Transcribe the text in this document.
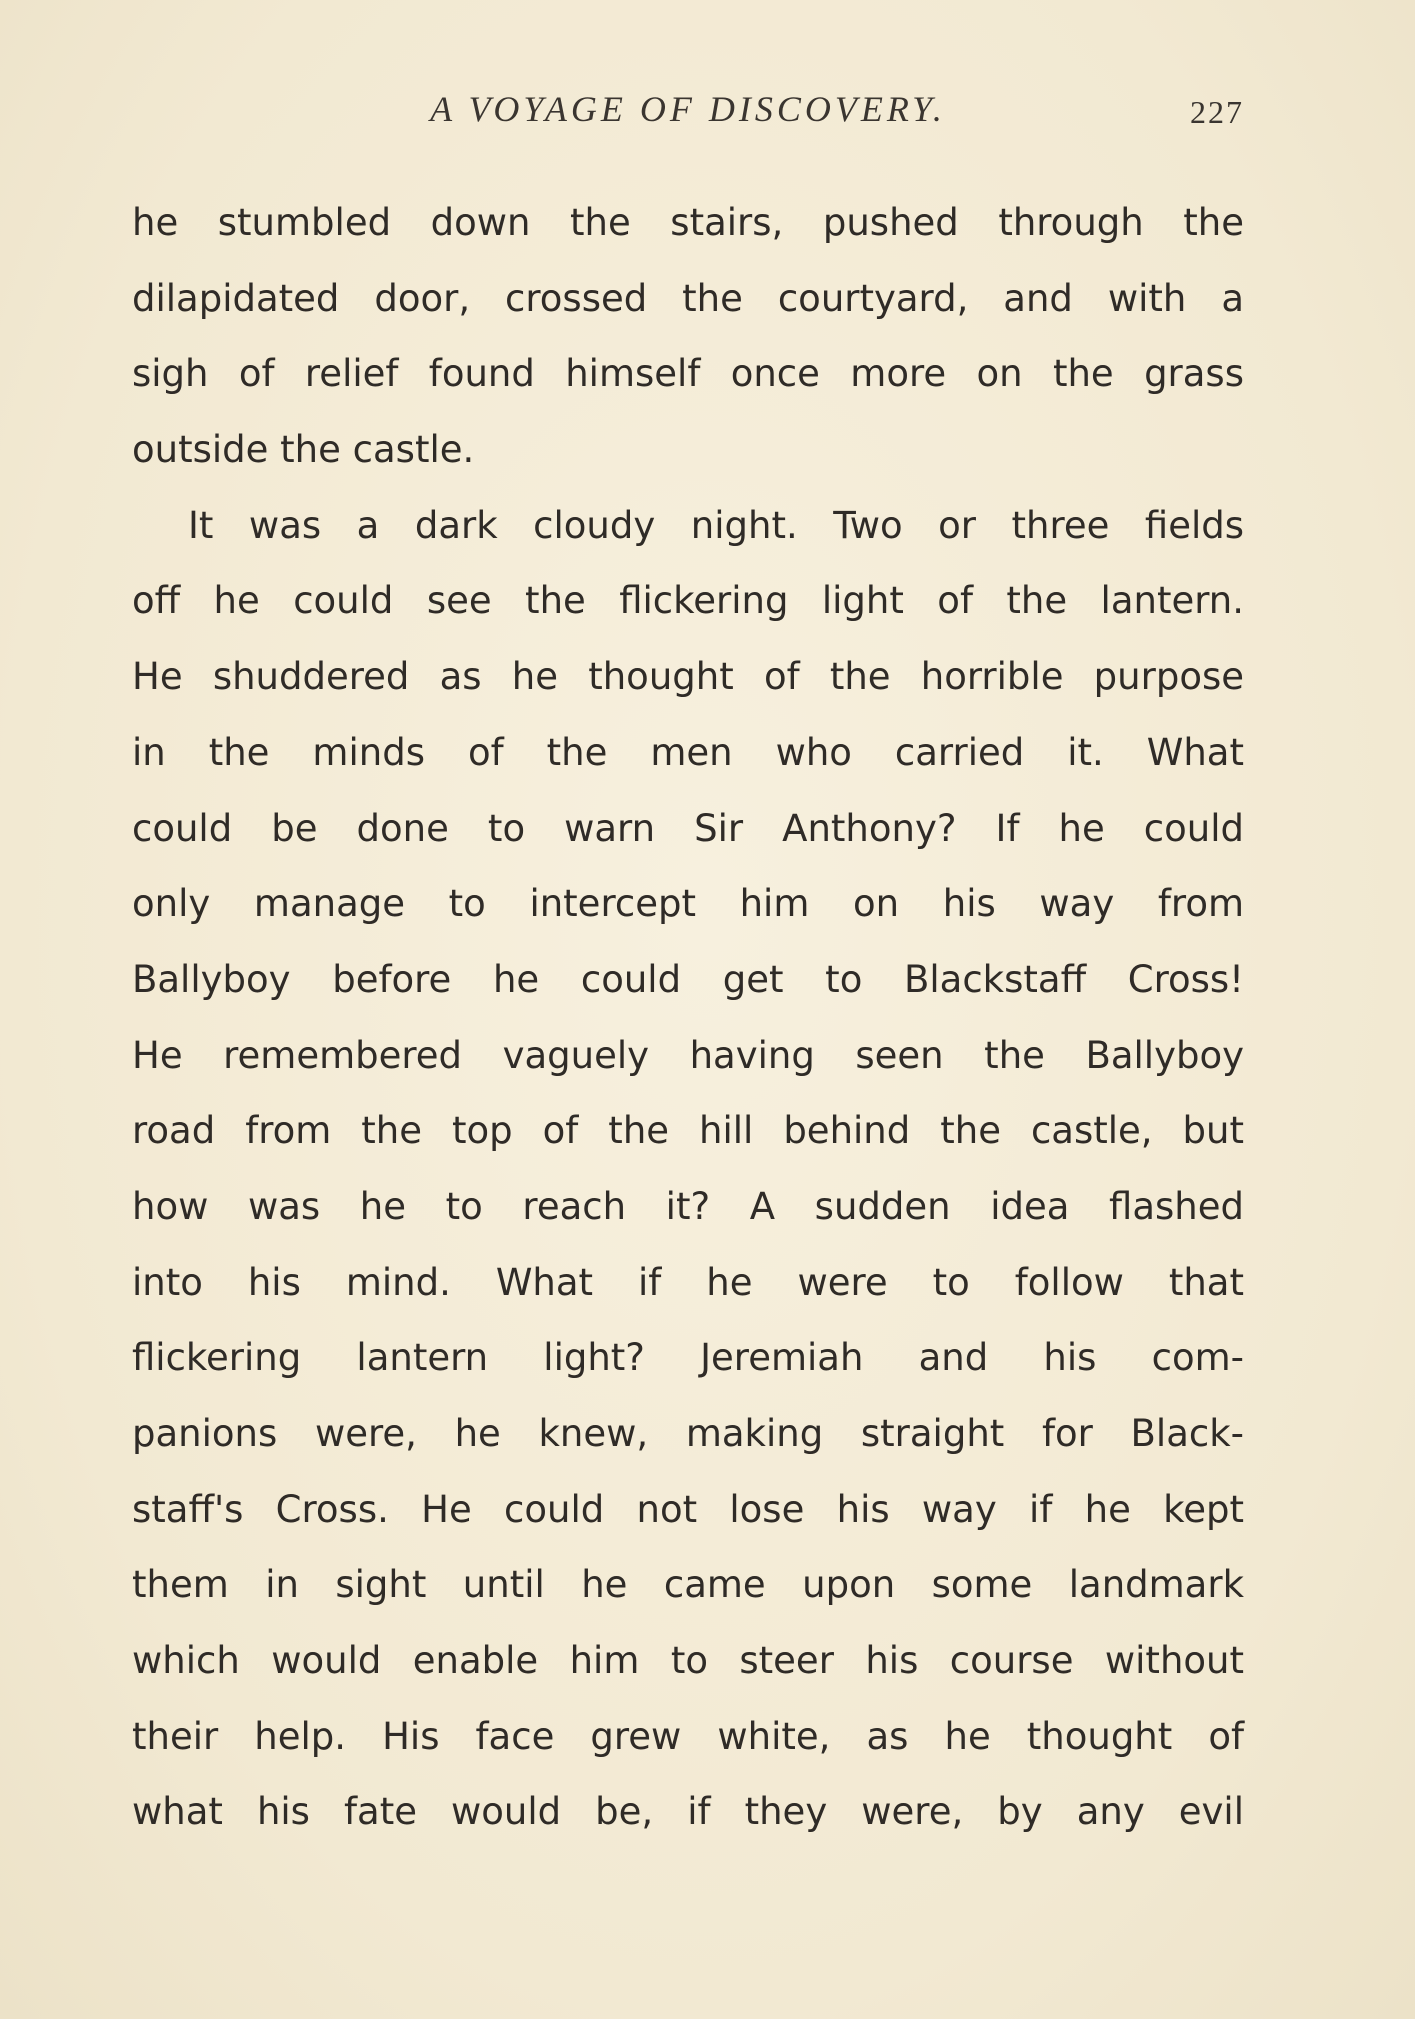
A VOYAGE OF DISCOVERY.	227
he stumbled down the stairs, pushed through the
dilapidated door, crossed the courtyard, and with a
sigh of relief found himself once more on the grass
outside the castle.
It was a dark cloudy night. Two or three fields
off he could see the flickering light of the lantern.
He shuddered as he thought of the horrible purpose
in the minds of the men who carried it. What
could be done to warn Sir Anthony? If he could
only manage to intercept him on his way from
Ballyboy before he could get to Blackstaff Cross!
He remembered vaguely having seen the Ballyboy
road from the top of the hill behind the castle, but
how was he to reach it? A sudden idea flashed
into his mind. What if he were to follow that
flickering lantern light? Jeremiah and his com-
panions were, he knew, making straight for Black-
staff's Cross. He could not lose his way if he kept
them in sight until he came upon some landmark
which would enable him to steer his course without
their help. His face grew white, as he thought of
what his fate would be, if they were, by any evil
